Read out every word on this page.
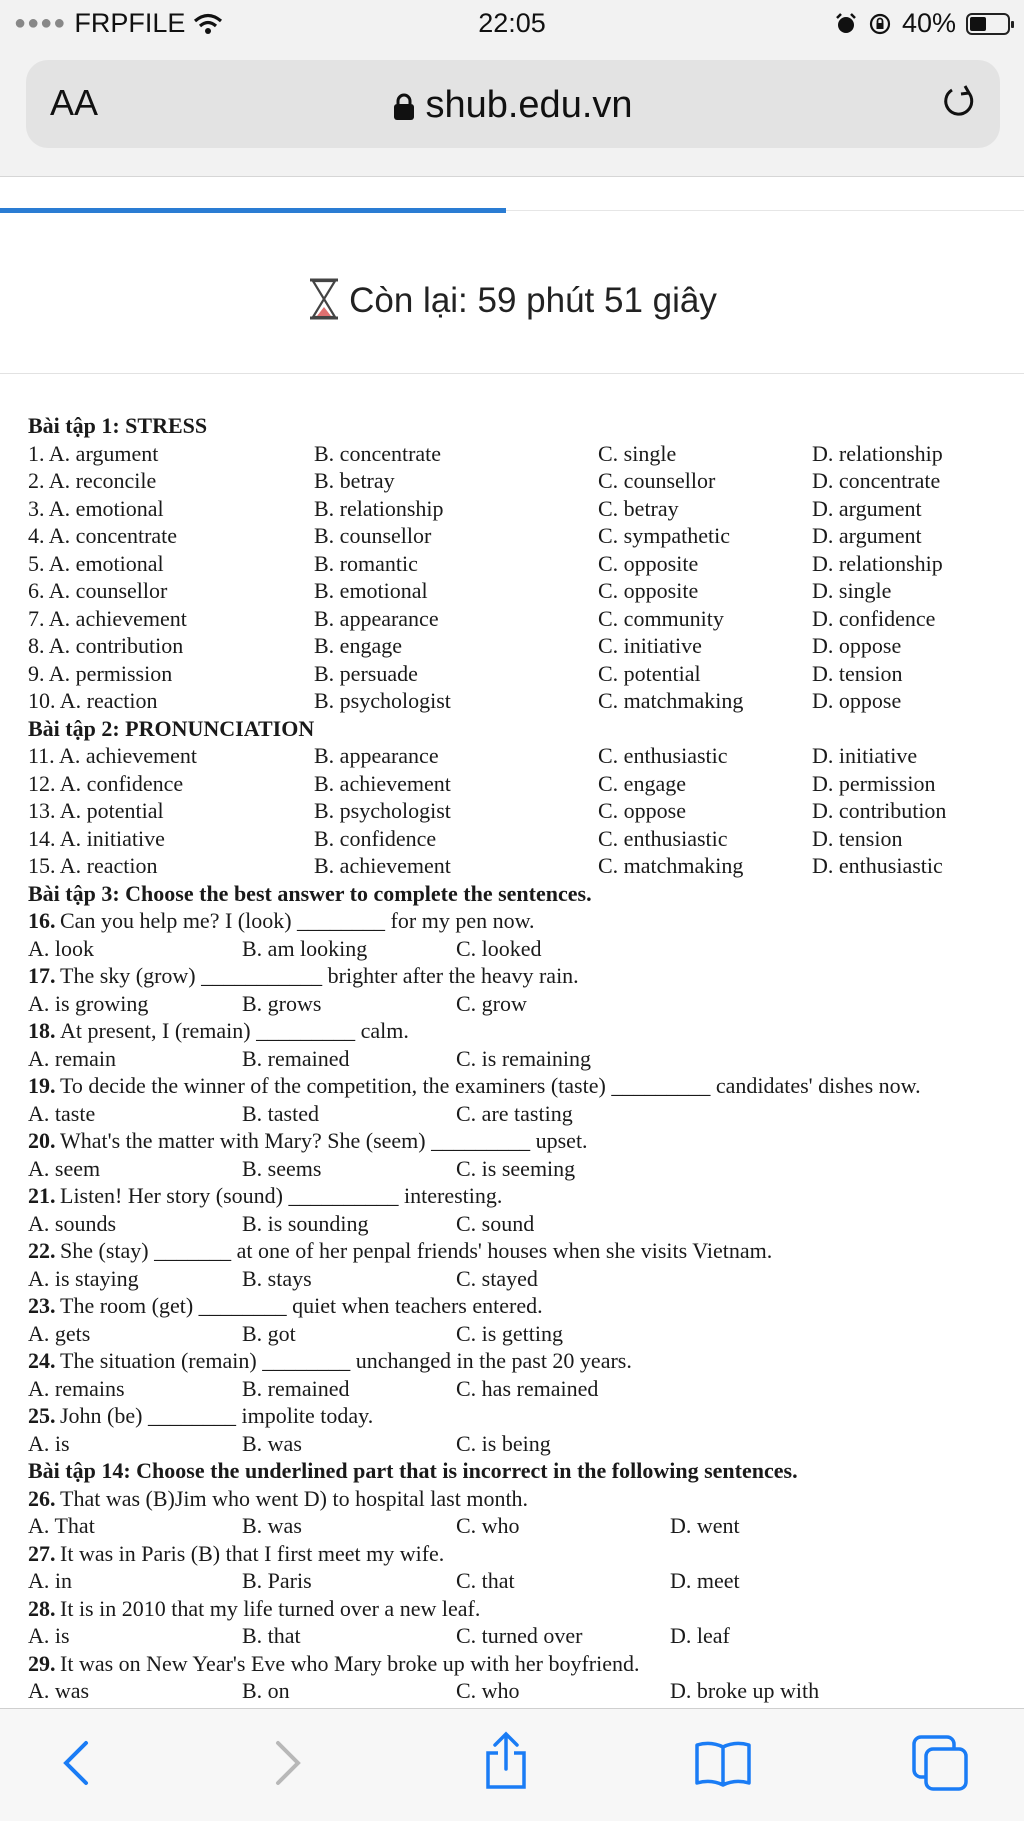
●●●● FRPFILE	22:05	40%
AA	shub.edu.vn
Còn lại: 59 phút 51 giây
Bài tập 1: STRESS
1. A. argument	B. concentrate	C. single	D. relationship
2. A. reconcile	B. betray	C. counsellor	D. concentrate
3. A. emotional	B. relationship	C. betray	D. argument
4. A. concentrate	B. counsellor	C. sympathetic	D. argument
5. A. emotional	B. romantic	C. opposite	D. relationship
6. A. counsellor	B. emotional	C. opposite	D. single
7. A. achievement	B. appearance	C. community	D. confidence
8. A. contribution	B. engage	C. initiative	D. oppose
9. A. permission	B. persuade	C. potential	D. tension
10. A. reaction	B. psychologist	C. matchmaking	D. oppose
Bài tập 2: PRONUNCIATION
11. A. achievement	B. appearance	C. enthusiastic	D. initiative
12. A. confidence	B. achievement	C. engage	D. permission
13. A. potential	B. psychologist	C. oppose	D. contribution
14. A. initiative	B. confidence	C. enthusiastic	D. tension
15. A. reaction	B. achievement	C. matchmaking	D. enthusiastic
Bài tập 3: Choose the best answer to complete the sentences.
16. Can you help me? I (look) ________ for my pen now.
A. look	B. am looking	C. looked
17. The sky (grow) ___________ brighter after the heavy rain.
A. is growing	B. grows	C. grow
18. At present, I (remain) _________ calm.
A. remain	B. remained	C. is remaining
19. To decide the winner of the competition, the examiners (taste) _________ candidates' dishes now.
A. taste	B. tasted	C. are tasting
20. What's the matter with Mary? She (seem) _________ upset.
A. seem	B. seems	C. is seeming
21. Listen! Her story (sound) __________ interesting.
A. sounds	B. is sounding	C. sound
22. She (stay) _______ at one of her penpal friends' houses when she visits Vietnam.
A. is staying	B. stays	C. stayed
23. The room (get) ________ quiet when teachers entered.
A. gets	B. got	C. is getting
24. The situation (remain) ________ unchanged in the past 20 years.
A. remains	B. remained	C. has remained
25. John (be) ________ impolite today.
A. is	B. was	C. is being
Bài tập 14: Choose the underlined part that is incorrect in the following sentences.
26. That was (B)Jim who went D) to hospital last month.
A. That	B. was	C. who	D. went
27. It was in Paris (B) that I first meet my wife.
A. in	B. Paris	C. that	D. meet
28. It is in 2010 that my life turned over a new leaf.
A. is	B. that	C. turned over	D. leaf
29. It was on New Year's Eve who Mary broke up with her boyfriend.
A. was	B. on	C. who	D. broke up with
